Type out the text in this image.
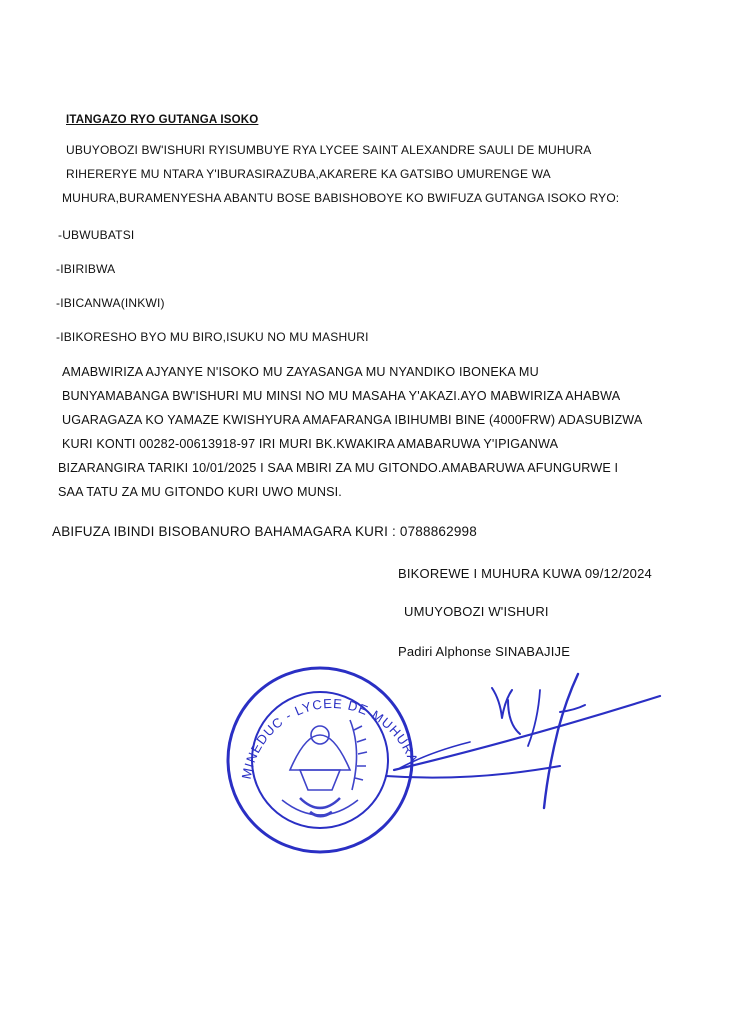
ITANGAZO RYO GUTANGA ISOKO
UBUYOBOZI BW'ISHURI RYISUMBUYE RYA LYCEE SAINT ALEXANDRE SAULI DE MUHURA
RIHERERYE MU NTARA Y'IBURASIRAZUBA,AKARERE KA GATSIBO UMURENGE WA
MUHURA,BURAMENYESHA ABANTU BOSE BABISHOBOYE KO BWIFUZA GUTANGA ISOKO RYO:
-UBWUBATSI
-IBIRIBWA
-IBICANWA(INKWI)
-IBIKORESHO BYO MU BIRO,ISUKU NO MU MASHURI
AMABWIRIZA AJYANYE N'ISOKO MU ZAYASANGA MU NYANDIKO IBONEKA MU
BUNYAMABANGA BW'ISHURI MU MINSI NO MU MASAHA Y'AKAZI.AYO MABWIRIZA AHABWA
UGARAGAZA KO YAMAZE KWISHYURA AMAFARANGA IBIHUMBI BINE (4000FRW) ADASUBIZWA
KURI KONTI 00282-00613918-97 IRI MURI BK.KWAKIRA AMABARUWA Y'IPIGANWA
BIZARANGIRA TARIKI 10/01/2025 I SAA MBIRI ZA MU GITONDO.AMABARUWA AFUNGURWE I
SAA TATU ZA MU GITONDO KURI UWO MUNSI.
ABIFUZA IBINDI BISOBANURO BAHAMAGARA KURI : 0788862998
BIKOREWE I MUHURA KUWA 09/12/2024
UMUYOBOZI W'ISHURI
Padiri Alphonse SINABAJIJE
MINEDUC - LYCEE DE MUHURA
